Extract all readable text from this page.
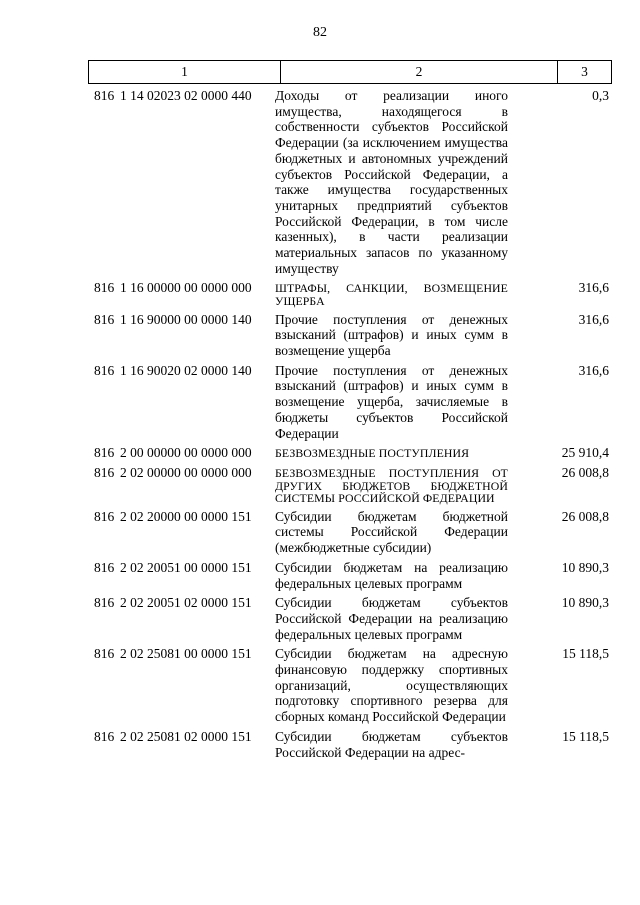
82
1	2	3
816 1 14 02023 02 0000 440	Доходы от реализации иного имущества, находящегося в собственности субъектов Российской Федерации (за исключением имущества бюджетных и автономных учреждений субъектов Российской Федерации, а также имущества государственных унитарных предприятий субъектов Российской Федерации, в том числе казенных), в части реализации материальных запасов по указанному имуществу
0,3
816 1 16 00000 00 0000 000	ШТРАФЫ, САНКЦИИ, ВОЗМЕЩЕНИЕ УЩЕРБА
316,6
816 1 16 90000 00 0000 140	Прочие поступления от денежных взысканий (штрафов) и иных сумм в возмещение ущерба
316,6
816 1 16 90020 02 0000 140	Прочие поступления от денежных взысканий (штрафов) и иных сумм в возмещение ущерба, зачисляемые в бюджеты субъектов Российской Федерации
316,6
816 2 00 00000 00 0000 000	БЕЗВОЗМЕЗДНЫЕ ПОСТУПЛЕНИЯ	25 910,4
816 2 02 00000 00 0000 000	БЕЗВОЗМЕЗДНЫЕ ПОСТУПЛЕНИЯ ОТ ДРУГИХ БЮДЖЕТОВ БЮДЖЕТНОЙ СИСТЕМЫ РОССИЙСКОЙ ФЕДЕРАЦИИ
26 008,8
816 2 02 20000 00 0000 151	Субсидии бюджетам бюджетной системы Российской Федерации (межбюджетные субсидии)
26 008,8
816 2 02 20051 00 0000 151	Субсидии бюджетам на реализацию федеральных целевых программ
10 890,3
816 2 02 20051 02 0000 151	Субсидии бюджетам субъектов Российской Федерации на реализацию федеральных целевых программ
10 890,3
816 2 02 25081 00 0000 151	Субсидии бюджетам на адресную финансовую поддержку спортивных организаций, осуществляющих подготовку спортивного резерва для сборных команд Российской Федерации
15 118,5
816 2 02 25081 02 0000 151	Субсидии бюджетам субъектов Российской Федерации на адрес-
15 118,5
